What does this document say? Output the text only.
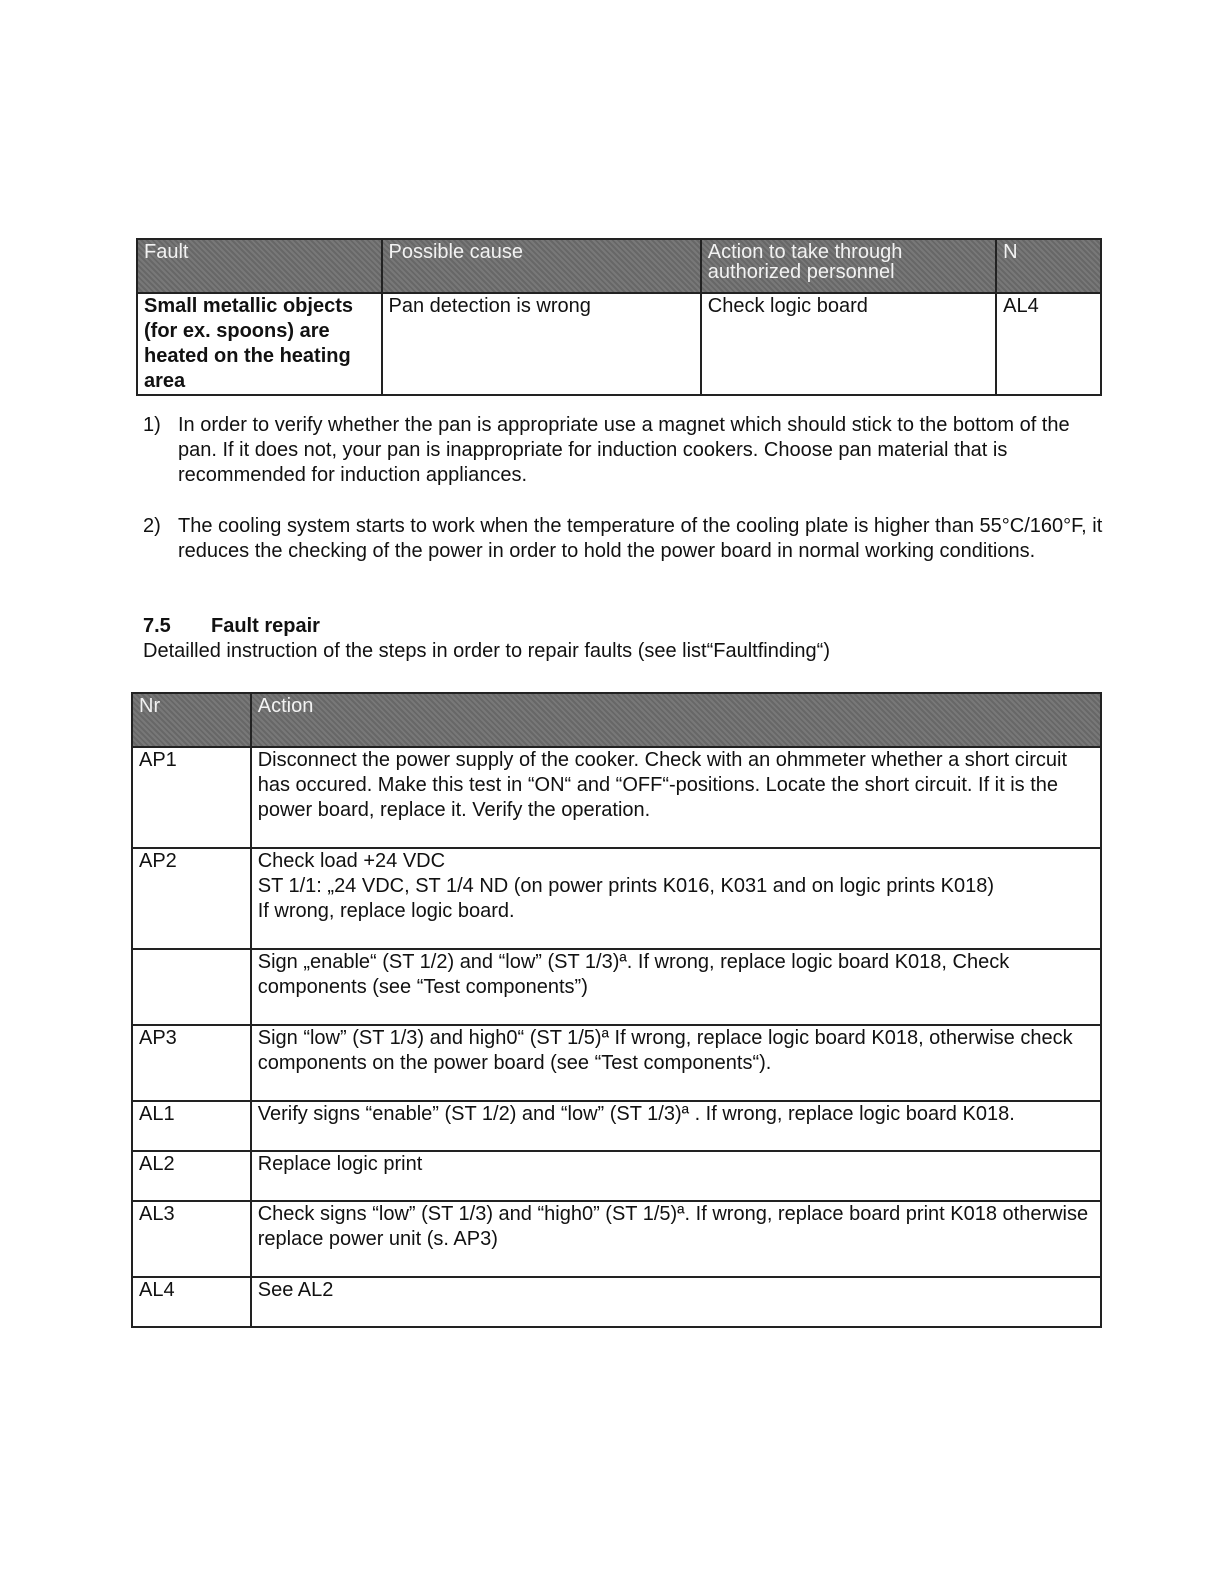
Fault	Possible cause	Action to take through authorized personnel	N
Small metallic objects (for ex. spoons) are heated on the heating area	Pan detection is wrong	Check logic board	AL4
1) In order to verify whether the pan is appropriate use a magnet which should stick to the bottom of the pan. If it does not, your pan is inappropriate for induction cookers. Choose pan material that is recommended for induction appliances.
2) The cooling system starts to work when the temperature of the cooling plate is higher than 55°C/160°F, it reduces the checking of the power in order to hold the power board in normal working conditions.
7.5 Fault repair
Detailled instruction of the steps in order to repair faults (see list“Faultfinding“)
Nr	Action
AP1	Disconnect the power supply of the cooker. Check with an ohmmeter whether a short circuit has occured. Make this test in “ON“ and “OFF“-positions. Locate the short circuit. If it is the power board, replace it. Verify the operation.

AP2	Check load +24 VDC
ST 1/1: „24 VDC, ST 1/4 ND (on power prints K016, K031 and on logic prints K018)
If wrong, replace logic board.

	Sign „enable“ (ST 1/2) and “low” (ST 1/3)ª. If wrong, replace logic board K018, Check components (see “Test components”)

AP3	Sign “low” (ST 1/3) and high0“ (ST 1/5)ª If wrong, replace logic board K018, otherwise check components on the power board (see “Test components“).

AL1	Verify signs “enable” (ST 1/2) and “low” (ST 1/3)ª . If wrong, replace logic board K018.

AL2	Replace logic print

AL3	Check signs “low” (ST 1/3) and “high0” (ST 1/5)ª. If wrong, replace board print K018 otherwise replace power unit (s. AP3)

AL4	See AL2
